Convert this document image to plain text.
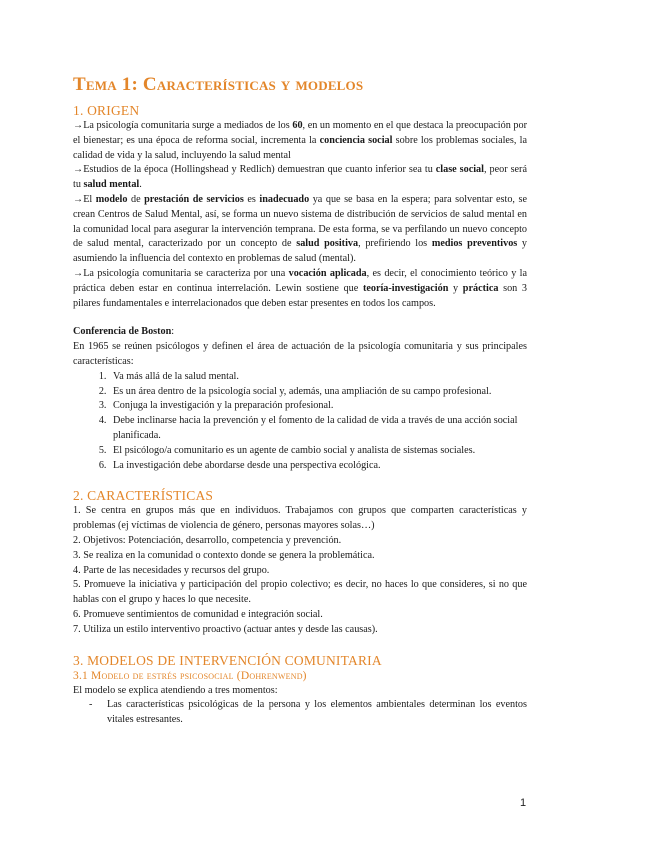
Tema 1: Características y modelos
1. ORIGEN

→La psicología comunitaria surge a mediados de los 60, en un momento en el que destaca la preocupación por el bienestar; es una época de reforma social, incrementa la conciencia social sobre los problemas sociales, la calidad de vida y la salud, incluyendo la salud mental

→Estudios de la época (Hollingshead y Redlich) demuestran que cuanto inferior sea tu clase social, peor será tu salud mental.

→El modelo de prestación de servicios es inadecuado ya que se basa en la espera; para solventar esto, se crean Centros de Salud Mental, así, se forma un nuevo sistema de distribución de servicios de salud mental en la comunidad local para asegurar la intervención temprana. De esta forma, se va perfilando un nuevo concepto de salud mental, caracterizado por un concepto de salud positiva, prefiriendo los medios preventivos y asumiendo la influencia del contexto en problemas de salud (mental).

→La psicología comunitaria se caracteriza por una vocación aplicada, es decir, el conocimiento teórico y la práctica deben estar en continua interrelación. Lewin sostiene que teoría-investigación y práctica son 3 pilares fundamentales e interrelacionados que deben estar presentes en todos los campos.

Conferencia de Boston:

En 1965 se reúnen psicólogos y definen el área de actuación de la psicología comunitaria y sus principales características:

1. Va más allá de la salud mental.
2. Es un área dentro de la psicología social y, además, una ampliación de su campo profesional.
3. Conjuga la investigación y la preparación profesional.
4. Debe inclinarse hacia la prevención y el fomento de la calidad de vida a través de una acción social planificada.
5. El psicólogo/a comunitario es un agente de cambio social y analista de sistemas sociales.
6. La investigación debe abordarse desde una perspectiva ecológica.
2. CARACTERÍSTICAS

1. Se centra en grupos más que en individuos. Trabajamos con grupos que comparten características y problemas (ej víctimas de violencia de género, personas mayores solas…)

2. Objetivos: Potenciación, desarrollo, competencia y prevención.

3. Se realiza en la comunidad o contexto donde se genera la problemática.

4. Parte de las necesidades y recursos del grupo.

5. Promueve la iniciativa y participación del propio colectivo; es decir, no haces lo que consideres, si no que hablas con el grupo y haces lo que necesite.

6. Promueve sentimientos de comunidad e integración social.

7. Utiliza un estilo interventivo proactivo (actuar antes y desde las causas).

3. MODELOS DE INTERVENCIÓN COMUNITARIA
3.1 Modelo de estrés psicosocial (Dohrenwend)

El modelo se explica atendiendo a tres momentos:

- Las características psicológicas de la persona y los elementos ambientales determinan los eventos vitales estresantes.
1
